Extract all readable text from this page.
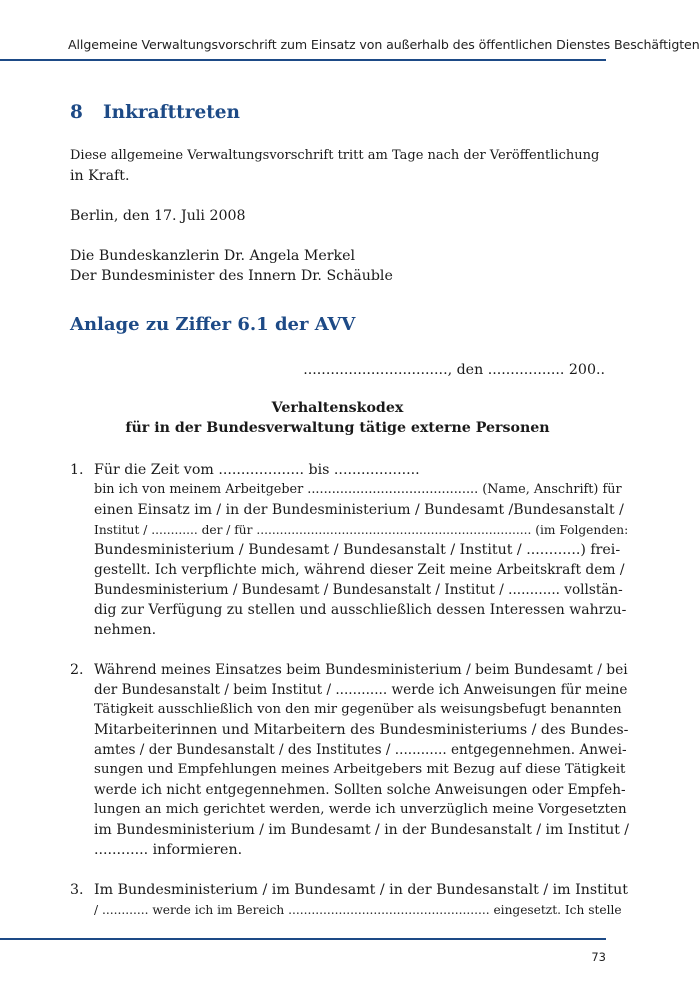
Allgemeine Verwaltungsvorschrift zum Einsatz von außerhalb des öffentlichen Dienstes Beschäftigten
8 Inkrafttreten
Diese allgemeine Verwaltungsvorschrift tritt am Tage nach der Veröffentlichung
in Kraft.
Berlin, den 17. Juli 2008
Die Bundeskanzlerin Dr. Angela Merkel
Der Bundesminister des Innern Dr. Schäuble
Anlage zu Ziffer 6.1 der AVV
................................, den ................. 200..
Verhaltenskodex
für in der Bundesverwaltung tätige externe Personen
1. Für die Zeit vom ................... bis ...................
bin ich von meinem Arbeitgeber .......................................... (Name, Anschrift) für
einen Einsatz im / in der Bundesministerium / Bundesamt /Bundesanstalt /
Institut / ............ der / für ....................................................................... (im Folgenden:
Bundesministerium / Bundesamt / Bundesanstalt / Institut / ............) frei-
gestellt. Ich verpflichte mich, während dieser Zeit meine Arbeitskraft dem /
Bundesministerium / Bundesamt / Bundesanstalt / Institut / ............ vollstän-
dig zur Verfügung zu stellen und ausschließlich dessen Interessen wahrzu-
nehmen.
2. Während meines Einsatzes beim Bundesministerium / beim Bundesamt / bei
der Bundesanstalt / beim Institut / ............ werde ich Anweisungen für meine
Tätigkeit ausschließlich von den mir gegenüber als weisungsbefugt benannten
Mitarbeiterinnen und Mitarbeitern des Bundesministeriums / des Bundes-
amtes / der Bundesanstalt / des Institutes / ............ entgegennehmen. Anwei-
sungen und Empfehlungen meines Arbeitgebers mit Bezug auf diese Tätigkeit
werde ich nicht entgegennehmen. Sollten solche Anweisungen oder Empfeh-
lungen an mich gerichtet werden, werde ich unverzüglich meine Vorgesetzten
im Bundesministerium / im Bundesamt / in der Bundesanstalt / im Institut /
............ informieren.
3. Im Bundesministerium / im Bundesamt / in der Bundesanstalt / im Institut
/ ............ werde ich im Bereich .................................................... eingesetzt. Ich stelle
73
